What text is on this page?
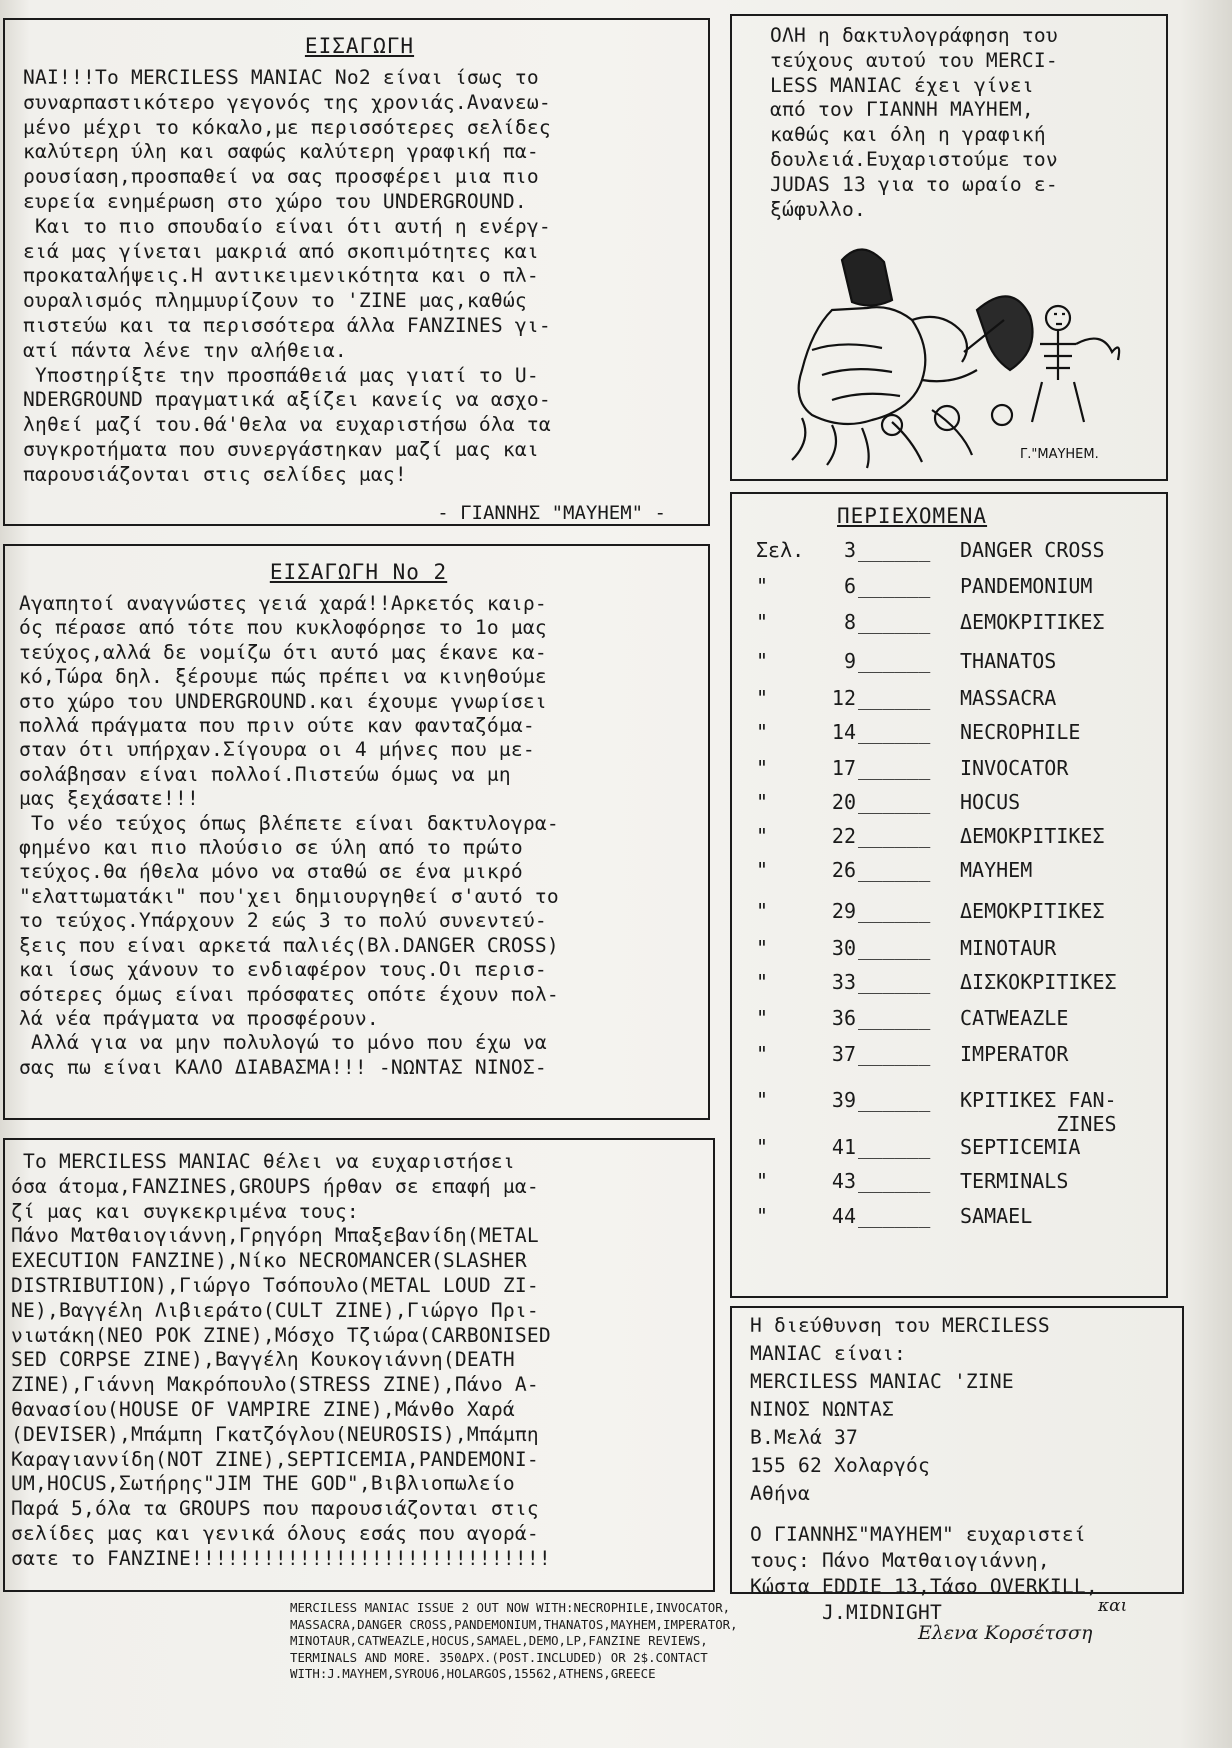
ΕΙΣΑΓΩΓΗ

ΝΑΙ!!!Το MERCILESS MANIAC Νο2 είναι ίσως το
συναρπαστικότερο γεγονός της χρονιάς.Ανανεω-
μένο μέχρι το κόκαλο,με περισσότερες σελίδες
καλύτερη ύλη και σαφώς καλύτερη γραφική πα-
ρουσίαση,προσπαθεί να σας προσφέρει μια πιο
ευρεία ενημέρωση στο χώρο του UNDERGROUND.
Και το πιο σπουδαίο είναι ότι αυτή η ενέργ-
ειά μας γίνεται μακριά από σκοπιμότητες και
προκαταλήψεις.Η αντικειμενικότητα και ο πλ-
ουραλισμός πλημμυρίζουν το 'ZINE μας,καθώς
πιστεύω και τα περισσότερα άλλα FANZINES γι-
ατί πάντα λένε την αλήθεια.
Υποστηρίξτε την προσπάθειά μας γιατί το U-
NDERGROUND πραγματικά αξίζει κανείς να ασχο-
ληθεί μαζί του.θά'θελα να ευχαριστήσω όλα τα
συγκροτήματα που συνεργάστηκαν μαζί μας και
παρουσιάζονται στις σελίδες μας!

- ΓΙΑΝΝΗΣ "ΜΑΥΗΕΜ" -
ΕΙΣΑΓΩΓΗ Νο 2

Αγαπητοί αναγνώστες γειά χαρά!!Αρκετός καιρ-
ός πέρασε από τότε που κυκλοφόρησε το 1ο μας
τεύχος,αλλά δε νομίζω ότι αυτό μας έκανε κα-
κό,Τώρα δηλ. ξέρουμε πώς πρέπει να κινηθούμε
στο χώρο του UNDERGROUND.και έχουμε γνωρίσει
πολλά πράγματα που πριν ούτε καν φανταζόμα-
σταν ότι υπήρχαν.Σίγουρα οι 4 μήνες που με-
σολάβησαν είναι πολλοί.Πιστεύω όμως να μη
μας ξεχάσατε!!!
Το νέο τεύχος όπως βλέπετε είναι δακτυλογρα-
φημένο και πιο πλούσιο σε ύλη από το πρώτο
τεύχος.θα ήθελα μόνο να σταθώ σε ένα μικρό
"ελαττωματάκι" που'χει δημιουργηθεί σ'αυτό το
το τεύχος.Υπάρχουν 2 εώς 3 το πολύ συνεντεύ-
ξεις που είναι αρκετά παλιές(Βλ.DANGER CROSS)
και ίσως χάνουν το ενδιαφέρον τους.Οι περισ-
σότερες όμως είναι πρόσφατες οπότε έχουν πολ-
λά νέα πράγματα να προσφέρουν.
Αλλά για να μην πολυλογώ το μόνο που έχω να
σας πω είναι ΚΑΛΟ ΔΙΑΒΑΣΜΑ!!! -ΝΩΝΤΑΣ ΝΙΝΟΣ-

Το MERCILESS MANIAC θέλει να ευχαριστήσει
όσα άτομα,FANZINES,GROUPS ήρθαν σε επαφή μα-
ζί μας και συγκεκριμένα τους:
Πάνο Ματθαιογιάννη,Γρηγόρη Μπαξεβανίδη(METAL
EXECUTION FANZINE),Νίκο NECROMANCER(SLASHER
DISTRIBUTION),Γιώργο Τσόπουλο(METAL LOUD ZI-
NE),Βαγγέλη Λιβιεράτο(CULT ZINE),Γιώργο Πρι-
νιωτάκη(NEO ΡΟΚ ZINE),Μόσχο Τζιώρα(CARBONISED
SED CORPSE ZINE),Βαγγέλη Κουκογιάννη(DEATH
ZINE),Γιάννη Μακρόπουλο(STRESS ZINE),Πάνο Α-
θανασίου(HOUSE OF VAMPIRE ZINE),Μάνθο Χαρά
(DEVISER),Μπάμπη Γκατζόγλου(NEUROSIS),Μπάμπη
Καραγιαννίδη(NOT ZINE),SEPTICEMIA,PANDEMONI-
UM,HOCUS,Σωτήρης"JIM THE GOD",Βιβλιοπωλείο
Παρά 5,όλα τα GROUPS που παρουσιάζονται στις
σελίδες μας και γενικά όλους εσάς που αγορά-
σατε το FANZINE!!!!!!!!!!!!!!!!!!!!!!!!!!!!!!

ΟΛΗ η δακτυλογράφηση του
τεύχους αυτού του MERCI-
LESS MANIAC έχει γίνει
από τον ΓΙΑΝΝΗ ΜΑΥΗΕΜ,
καθώς και όλη η γραφική
δουλειά.Ευχαριστούμε τον
JUDAS 13 για το ωραίο ε-
ξώφυλλο.

Γ."ΜΑΥΗΕΜ.
ΠΕΡΙΕΧΟΜΕΝΑ
Σελ.	3 ______ DANGER CROSS
"	6 ______ PANDEMONIUM
"	8 ______ ΔΕΜΟΚΡΙΤΙΚΕΣ
"	9 ______ THANATOS
"	12 ______ MASSACRA
"	14 ______ NECROPHILE
"	17 ______ INVOCATOR
"	20 ______ HOCUS
"	22 ______ ΔΕΜΟΚΡΙΤΙΚΕΣ
"	26 ______ ΜΑΥΗΕΜ
"	29 ______ ΔΕΜΟΚΡΙΤΙΚΕΣ
"	30 ______ MINOTAUR
"	33 ______ ΔΙΣΚΟΚΡΙΤΙΚΕΣ
"	36 ______ CATWEAZLE
"	37 ______ IMPERATOR
"	39 ______ ΚΡΙΤΙΚΕΣ FAN-
ZINES
"	41 ______ SEPTICEMIA
"	43 ______ TERMINALS
"	44 ______ SAMAEL

Η διεύθυνση του MERCILESS
MANIAC είναι:
MERCILESS MANIAC 'ZINE
ΝΙΝΟΣ ΝΩΝΤΑΣ
Β.Μελά 37
155 62 Χολαργός
Αθήνα

Ο ΓΙΑΝΝΗΣ"ΜΑΥΗΕΜ" ευχαριστεί
τους: Πάνο Ματθαιογιάννη,
Κώστα EDDIE 13,Τάσο OVERKILL,
J.MIDNIGHT	και
Ελενα Κορσέτσση
MERCILESS MANIAC ISSUE 2 OUT NOW WITH:NECROPHILE,INVOCATOR,
MASSACRA,DANGER CROSS,PANDEMONIUM,THANATOS,MAYHEM,IMPERATOR,
MINOTAUR,CATWEAZLE,HOCUS,SAMAEL,DEMO,LP,FANZINE REVIEWS,
TERMINALS AND MORE. 350ΔΡΧ.(POST.INCLUDED) OR 2$.CONTACT
WITH:J.MAYHEM,SYROU6,HOLARGOS,15562,ATHENS,GREECE
